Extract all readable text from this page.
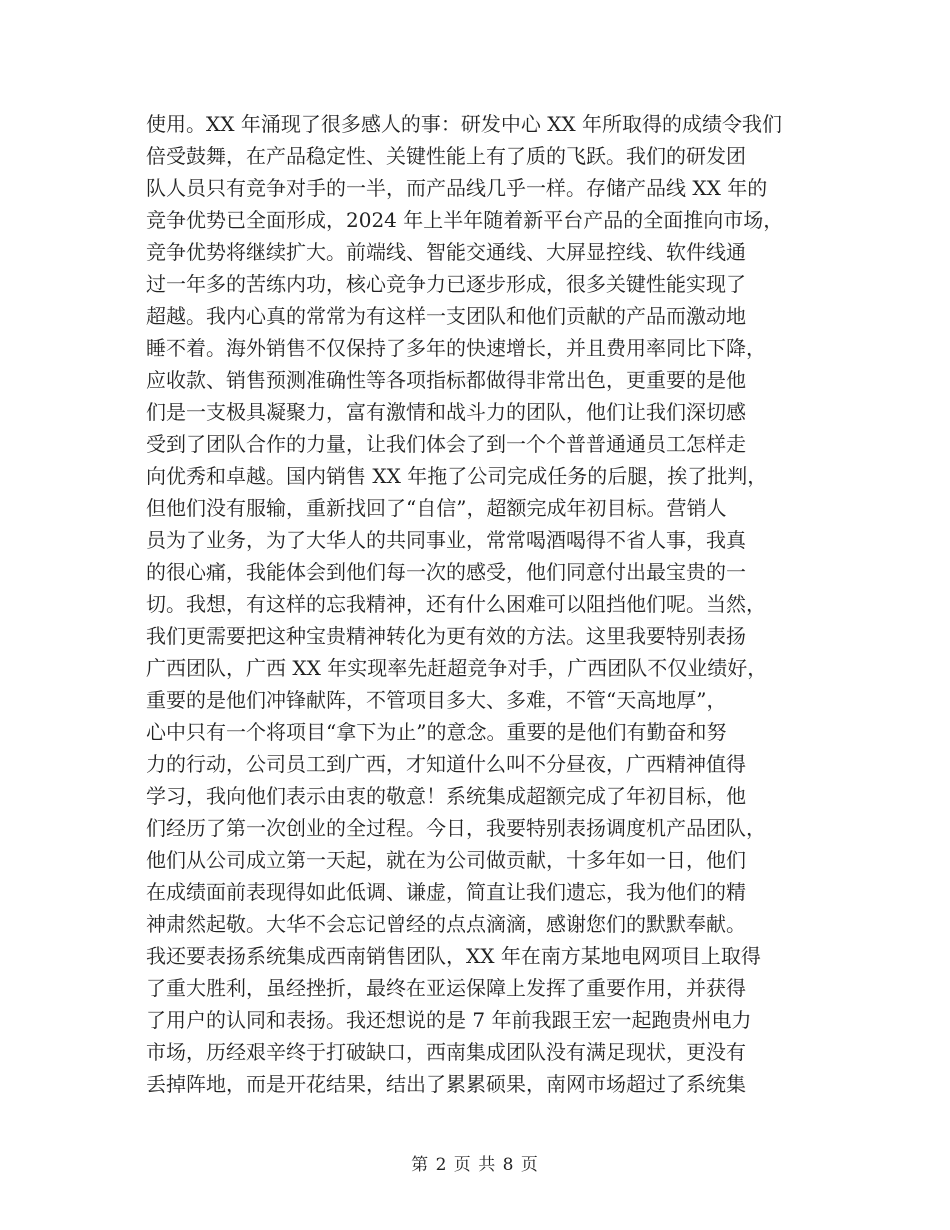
使用。XX 年涌现了很多感人的事：研发中心 XX 年所取得的成绩令我们
倍受鼓舞，在产品稳定性、关键性能上有了质的飞跃。我们的研发团
队人员只有竞争对手的一半，而产品线几乎一样。存储产品线 XX 年的
竞争优势已全面形成，2024 年上半年随着新平台产品的全面推向市场，
竞争优势将继续扩大。前端线、智能交通线、大屏显控线、软件线通
过一年多的苦练内功，核心竞争力已逐步形成，很多关键性能实现了
超越。我内心真的常常为有这样一支团队和他们贡献的产品而激动地
睡不着。海外销售不仅保持了多年的快速增长，并且费用率同比下降，
应收款、销售预测准确性等各项指标都做得非常出色，更重要的是他
们是一支极具凝聚力，富有激情和战斗力的团队，他们让我们深切感
受到了团队合作的力量，让我们体会了到一个个普普通通员工怎样走
向优秀和卓越。国内销售 XX 年拖了公司完成任务的后腿，挨了批判，
但他们没有服输，重新找回了“自信”，超额完成年初目标。营销人
员为了业务，为了大华人的共同事业，常常喝酒喝得不省人事，我真
的很心痛，我能体会到他们每一次的感受，他们同意付出最宝贵的一
切。我想，有这样的忘我精神，还有什么困难可以阻挡他们呢。当然，
我们更需要把这种宝贵精神转化为更有效的方法。这里我要特别表扬
广西团队，广西 XX 年实现率先赶超竞争对手，广西团队不仅业绩好，
重要的是他们冲锋献阵，不管项目多大、多难，不管“天高地厚”，
心中只有一个将项目“拿下为止”的意念。重要的是他们有勤奋和努
力的行动，公司员工到广西，才知道什么叫不分昼夜，广西精神值得
学习，我向他们表示由衷的敬意！系统集成超额完成了年初目标，他
们经历了第一次创业的全过程。今日，我要特别表扬调度机产品团队，
他们从公司成立第一天起，就在为公司做贡献，十多年如一日，他们
在成绩面前表现得如此低调、谦虚，简直让我们遗忘，我为他们的精
神肃然起敬。大华不会忘记曾经的点点滴滴，感谢您们的默默奉献。
我还要表扬系统集成西南销售团队，XX 年在南方某地电网项目上取得
了重大胜利，虽经挫折，最终在亚运保障上发挥了重要作用，并获得
了用户的认同和表扬。我还想说的是 7 年前我跟王宏一起跑贵州电力
市场，历经艰辛终于打破缺口，西南集成团队没有满足现状，更没有
丢掉阵地，而是开花结果，结出了累累硕果，南网市场超过了系统集
第 2 页 共 8 页
